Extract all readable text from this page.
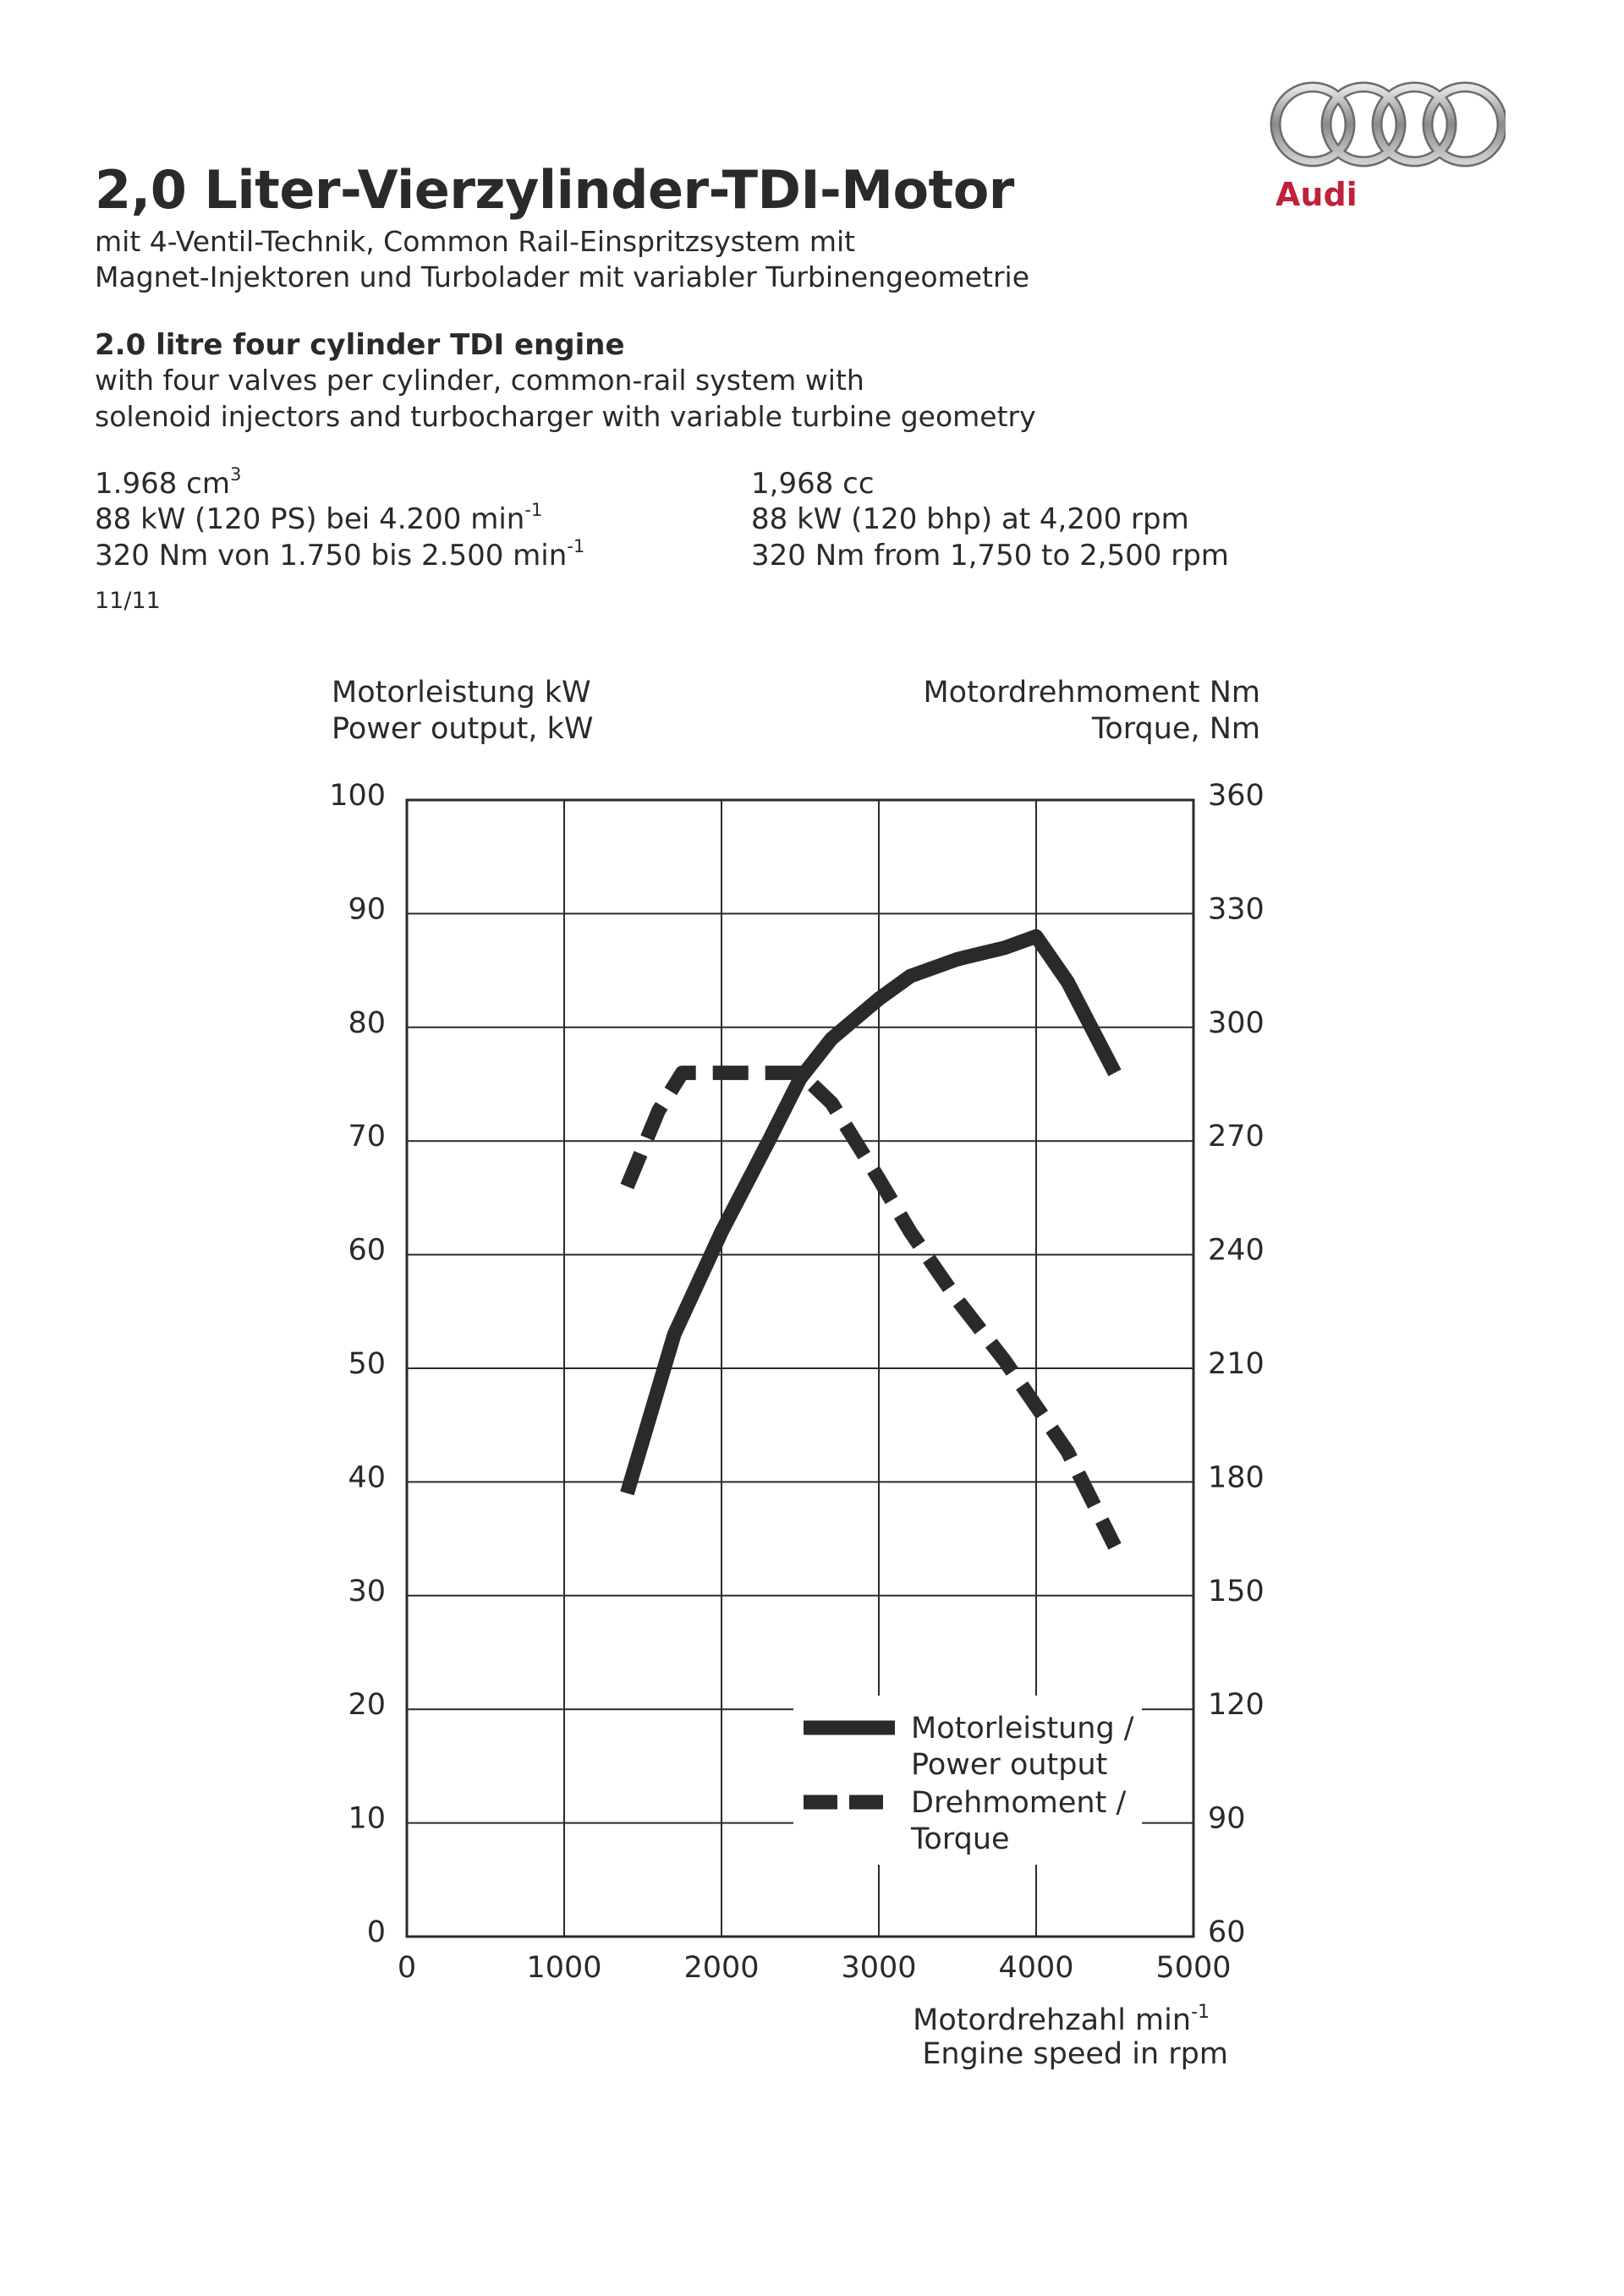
2,0 Liter-Vierzylinder-TDI-Motor
mit 4-Ventil-Technik, Common Rail-Einspritzsystem mit
Magnet-Injektoren und Turbolader mit variabler Turbinengeometrie
2.0 litre four cylinder TDI engine
with four valves per cylinder, common-rail system with
solenoid injectors and turbocharger with variable turbine geometry
1.968 $cm^3$
88 kW (120 PS) bei 4.200 $\min^{-1}$
320 Nm von 1.750 bis 2.500 $\min^{-1}$
1,968 cc
88 kW (120 bhp) at 4,200 rpm
320 Nm from 1,750 to 2,500 rpm
11/11
Audi
Motorleistung /
Power output
Drehmoment /
Torque
0
10
20
30
40
50
60
70
80
90
100
60
90
120
150
180
210
240
270
300
330
360
0	1000	2000	3000	4000	5000
Motorleistung kW
Power output, kW
Motordrehmoment Nm
Torque, Nm
Motordrehzahl $\min^{-1}$
Engine speed in rpm
